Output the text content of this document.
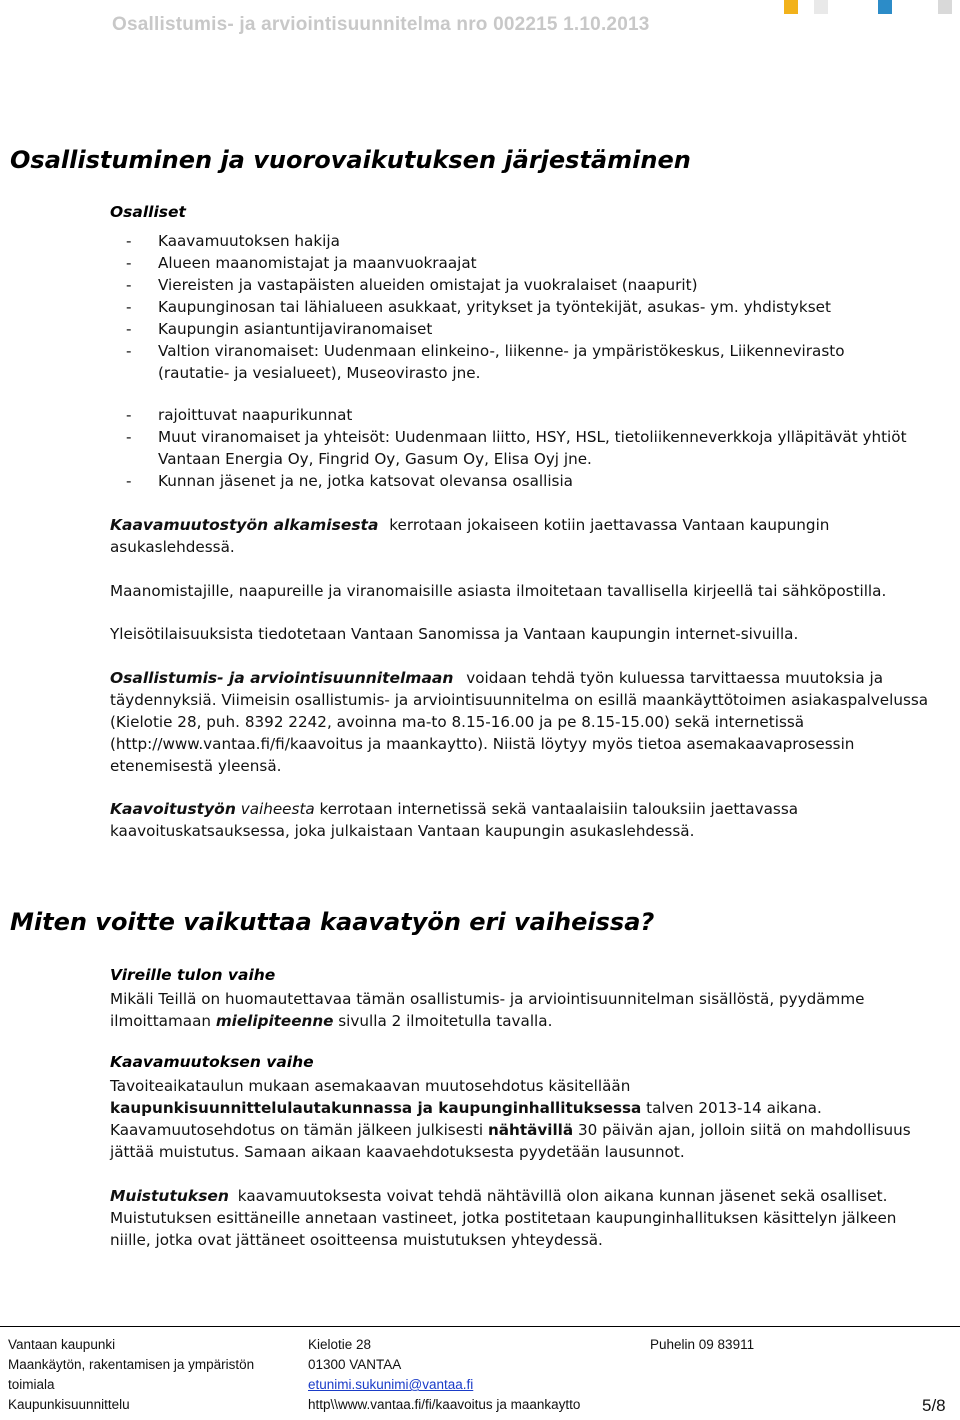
Osallistumis- ja arviointisuunnitelma nro 002215 1.10.2013
Osallistuminen ja vuorovaikutuksen järjestäminen
Osalliset
- Kaavamuutoksen hakija
- Alueen maanomistajat ja maanvuokraajat
- Viereisten ja vastapäisten alueiden omistajat ja vuokralaiset (naapurit)
- Kaupunginosan tai lähialueen asukkaat, yritykset ja työntekijät, asukas- ym. yhdistykset
- Kaupungin asiantuntijaviranomaiset
- Valtion viranomaiset: Uudenmaan elinkeino-, liikenne- ja ympäristökeskus, Liikennevirasto
(rautatie- ja vesialueet), Museovirasto jne.
- rajoittuvat naapurikunnat
- Muut viranomaiset ja yhteisöt: Uudenmaan liitto, HSY, HSL, tietoliikenneverkkoja ylläpitävät yhtiöt
Vantaan Energia Oy, Fingrid Oy, Gasum Oy, Elisa Oyj jne.
- Kunnan jäsenet ja ne, jotka katsovat olevansa osallisia
Kaavamuutostyön alkamisesta kerrotaan jokaiseen kotiin jaettavassa Vantaan kaupungin
asukaslehdessä.
Maanomistajille, naapureille ja viranomaisille asiasta ilmoitetaan tavallisella kirjeellä tai sähköpostilla.
Yleisötilaisuuksista tiedotetaan Vantaan Sanomissa ja Vantaan kaupungin internet-sivuilla.
Osallistumis- ja arviointisuunnitelmaan voidaan tehdä työn kuluessa tarvittaessa muutoksia ja
täydennyksiä. Viimeisin osallistumis- ja arviointisuunnitelma on esillä maankäyttötoimen asiakaspalvelussa
(Kielotie 28, puh. 8392 2242, avoinna ma-to 8.15-16.00 ja pe 8.15-15.00) sekä internetissä
(http://www.vantaa.fi/fi/kaavoitus ja maankaytto). Niistä löytyy myös tietoa asemakaavaprosessin
etenemisestä yleensä.
Kaavoitustyön vaiheesta kerrotaan internetissä sekä vantaalaisiin talouksiin jaettavassa
kaavoituskatsauksessa, joka julkaistaan Vantaan kaupungin asukaslehdessä.
Miten voitte vaikuttaa kaavatyön eri vaiheissa?
Vireille tulon vaihe
Mikäli Teillä on huomautettavaa tämän osallistumis- ja arviointisuunnitelman sisällöstä, pyydämme
ilmoittamaan mielipiteenne sivulla 2 ilmoitetulla tavalla.
Kaavamuutoksen vaihe
Tavoiteaikataulun mukaan asemakaavan muutosehdotus käsitellään
kaupunkisuunnittelulautakunnassa ja kaupunginhallituksessa talven 2013-14 aikana.
Kaavamuutosehdotus on tämän jälkeen julkisesti nähtävillä 30 päivän ajan, jolloin siitä on mahdollisuus
jättää muistutus. Samaan aikaan kaavaehdotuksesta pyydetään lausunnot.
Muistutuksen kaavamuutoksesta voivat tehdä nähtävillä olon aikana kunnan jäsenet sekä osalliset.
Muistutuksen esittäneille annetaan vastineet, jotka postitetaan kaupunginhallituksen käsittelyn jälkeen
niille, jotka ovat jättäneet osoitteensa muistutuksen yhteydessä.
Vantaan kaupunki
Maankäytön, rakentamisen ja ympäristön
toimiala
Kaupunkisuunnittelu
Kielotie 28
01300 VANTAA
etunimi.sukunimi@vantaa.fi
http\\www.vantaa.fi/fi/kaavoitus ja maankaytto
Puhelin 09 83911
5/8
